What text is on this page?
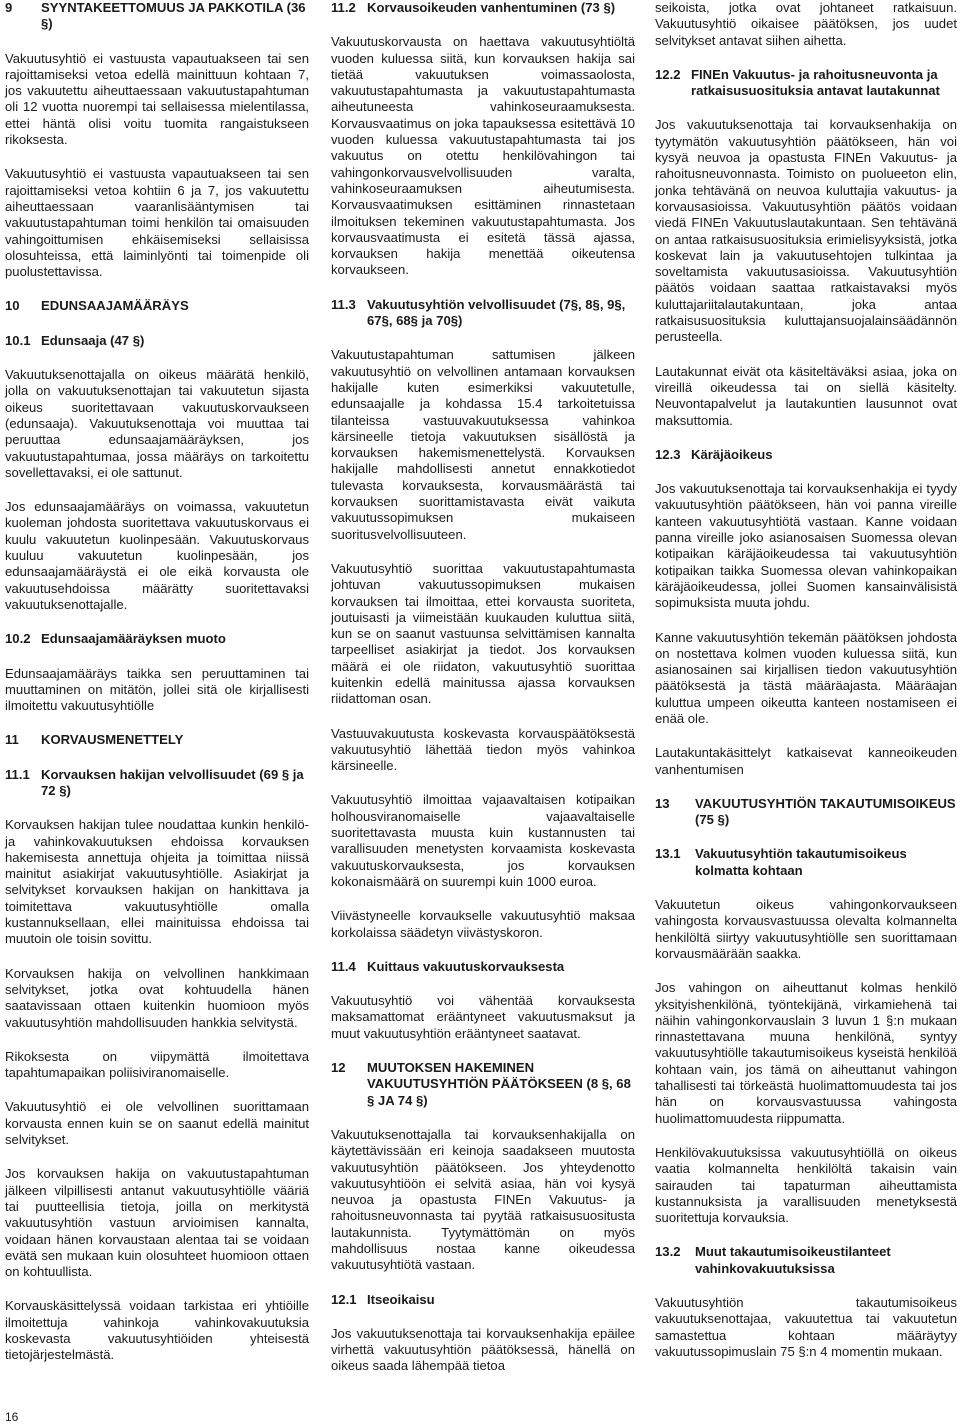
9	SYYNTAKEETTOMUUS JA PAKKOTILA (36 §)

Vakuutusyhtiö ei vastuusta vapautuakseen tai sen rajoittamiseksi vetoa edellä mainittuun kohtaan 7, jos vakuutettu aiheuttaessaan vakuutustapahtuman oli 12 vuotta nuorempi tai sellaisessa mielentilassa, ettei häntä olisi voitu tuomita rangaistukseen rikoksesta.

Vakuutusyhtiö ei vastuusta vapautuakseen tai sen rajoittamiseksi vetoa kohtiin 6 ja 7, jos vakuutettu aiheuttaessaan vaaranlisääntymisen tai vakuutustapahtuman toimi henkilön tai omaisuuden vahingoittumisen ehkäisemiseksi sellaisissa olosuhteissa, että laiminlyönti tai toimenpide oli puolustettavissa.

10	EDUNSAAJAMÄÄRÄYS
10.1 Edunsaaja (47 §)

Vakuutuksenottajalla on oikeus määrätä henkilö, jolla on vakuutuksenottajan tai vakuutetun sijasta oikeus suoritettavaan vakuutuskorvaukseen (edunsaaja). Vakuutuksenottaja voi muuttaa tai peruuttaa edunsaajamääräyksen, jos vakuutustapahtumaa, jossa määräys on tarkoitettu sovellettavaksi, ei ole sattunut.

Jos edunsaajamääräys on voimassa, vakuutetun kuoleman johdosta suoritettava vakuutuskorvaus ei kuulu vakuutetun kuolinpesään. Vakuutuskorvaus kuuluu vakuutetun kuolinpesään, jos edunsaajamääräystä ei ole eikä korvausta ole vakuutusehdoissa määrätty suoritettavaksi vakuutuksenottajalle.

10.2 Edunsaajamääräyksen muoto

Edunsaajamääräys taikka sen peruuttaminen tai muuttaminen on mitätön, jollei sitä ole kirjallisesti ilmoitettu vakuutusyhtiölle

11	KORVAUSMENETTELY
11.1 Korvauksen hakijan velvollisuudet (69 § ja 72 §)

Korvauksen hakijan tulee noudattaa kunkin henkilö- ja vahinkovakuutuksen ehdoissa korvauksen hakemisesta annettuja ohjeita ja toimittaa niissä mainitut asiakirjat vakuutusyhtiölle. Asiakirjat ja selvitykset korvauksen hakijan on hankittava ja toimitettava vakuutusyhtiölle omalla kustannuksellaan, ellei mainituissa ehdoissa tai muutoin ole toisin sovittu.

Korvauksen hakija on velvollinen hankkimaan selvitykset, jotka ovat kohtuudella hänen saatavissaan ottaen kuitenkin huomioon myös vakuutusyhtiön mahdollisuuden hankkia selvitystä.

Rikoksesta on viipymättä ilmoitettava tapahtumapaikan poliisiviranomaiselle.

Vakuutusyhtiö ei ole velvollinen suorittamaan korvausta ennen kuin se on saanut edellä mainitut selvitykset.

Jos korvauksen hakija on vakuutustapahtuman jälkeen vilpillisesti antanut vakuutusyhtiölle vääriä tai puutteellisia tietoja, joilla on merkitystä vakuutusyhtiön vastuun arvioimisen kannalta, voidaan hänen korvaustaan alentaa tai se voidaan evätä sen mukaan kuin olosuhteet huomioon ottaen on kohtuullista.

Korvauskäsittelyssä voidaan tarkistaa eri yhtiöille ilmoitettuja vahinkoja vahinkovakuutuksia koskevasta vakuutusyhtiöiden yhteisestä tietojärjestelmästä.

11.2 Korvausoikeuden vanhentuminen (73 §)

Vakuutuskorvausta on haettava vakuutusyhtiöltä vuoden kuluessa siitä, kun korvauksen hakija sai tietää vakuutuksen voimassaolosta, vakuutustapahtumasta ja vakuutustapahtumasta aiheutuneesta vahinkoseuraamuksesta. Korvausvaatimus on joka tapauksessa esitettävä 10 vuoden kuluessa vakuutustapahtumasta tai jos vakuutus on otettu henkilövahingon tai vahingonkorvausvelvollisuuden varalta, vahinkoseuraamuksen aiheutumisesta. Korvausvaatimuksen esittäminen rinnastetaan ilmoituksen tekeminen vakuutustapahtumasta. Jos korvausvaatimusta ei esitetä tässä ajassa, korvauksen hakija menettää oikeutensa korvaukseen.

11.3 Vakuutusyhtiön velvollisuudet (7§, 8§, 9§, 67§, 68§ ja 70§)

Vakuutustapahtuman sattumisen jälkeen vakuutusyhtiö on velvollinen antamaan korvauksen hakijalle kuten esimerkiksi vakuutetulle, edunsaajalle ja kohdassa 15.4 tarkoitetuissa tilanteissa vastuuvakuutuksessa vahinkoa kärsineelle tietoja vakuutuksen sisällöstä ja korvauksen hakemismenettelystä. Korvauksen hakijalle mahdollisesti annetut ennakkotiedot tulevasta korvauksesta, korvausmäärästä tai korvauksen suorittamistavasta eivät vaikuta vakuutussopimuksen mukaiseen suoritusvelvollisuuteen.

Vakuutusyhtiö suorittaa vakuutustapahtumasta johtuvan vakuutussopimuksen mukaisen korvauksen tai ilmoittaa, ettei korvausta suoriteta, joutuisasti ja viimeistään kuukauden kuluttua siitä, kun se on saanut vastuunsa selvittämisen kannalta tarpeelliset asiakirjat ja tiedot. Jos korvauksen määrä ei ole riidaton, vakuutusyhtiö suorittaa kuitenkin edellä mainitussa ajassa korvauksen riidattoman osan.

Vastuuvakuutusta koskevasta korvauspäätöksestä vakuutusyhtiö lähettää tiedon myös vahinkoa kärsineelle.

Vakuutusyhtiö ilmoittaa vajaavaltaisen kotipaikan holhousviranomaiselle vajaavaltaiselle suoritettavasta muusta kuin kustannusten tai varallisuuden menetysten korvaamista koskevasta vakuutuskorvauksesta, jos korvauksen kokonaismäärä on suurempi kuin 1000 euroa.

Viivästyneelle korvaukselle vakuutusyhtiö maksaa korkolaissa säädetyn viivästyskoron.

11.4 Kuittaus vakuutuskorvauksesta

Vakuutusyhtiö voi vähentää korvauksesta maksamattomat erääntyneet vakuutusmaksut ja muut vakuutusyhtiön erääntyneet saatavat.

12	MUUTOKSEN HAKEMINEN VAKUUTUSYHTIÖN PÄÄTÖKSEEN (8 §, 68 § JA 74 §)

Vakuutuksenottajalla tai korvauksenhakijalla on käytettävissään eri keinoja saadakseen muutosta vakuutusyhtiön päätökseen. Jos yhteydenotto vakuutusyhtiöön ei selvitä asiaa, hän voi kysyä neuvoa ja opastusta FINEn Vakuutus- ja rahoitusneuvonnasta tai pyytää ratkaisusuositusta lautakunnista. Tyytymättömän on myös mahdollisuus nostaa kanne oikeudessa vakuutusyhtiötä vastaan.

12.1 Itseoikaisu

Jos vakuutuksenottaja tai korvauksenhakija epäilee virhettä vakuutusyhtiön päätöksessä, hänellä on oikeus saada lähempää tietoa

seikoista, jotka ovat johtaneet ratkaisuun. Vakuutusyhtiö oikaisee päätöksen, jos uudet selvitykset antavat siihen aihetta.

12.2 FINEn Vakuutus- ja rahoitusneuvonta ja ratkaisusuosituksia antavat lautakunnat

Jos vakuutuksenottaja tai korvauksenhakija on tyytymätön vakuutusyhtiön päätökseen, hän voi kysyä neuvoa ja opastusta FINEn Vakuutus- ja rahoitusneuvonnasta. Toimisto on puolueeton elin, jonka tehtävänä on neuvoa kuluttajia vakuutus- ja korvausasioissa. Vakuutusyhtiön päätös voidaan viedä FINEn Vakuutuslautakuntaan. Sen tehtävänä on antaa ratkaisusuosituksia erimielisyyksistä, jotka koskevat lain ja vakuutusehtojen tulkintaa ja soveltamista vakuutusasioissa. Vakuutusyhtiön päätös voidaan saattaa ratkaistavaksi myös kuluttajariitalautakuntaan, joka antaa ratkaisusuosituksia kuluttajansuojalainsäädännön perusteella.

Lautakunnat eivät ota käsiteltäväksi asiaa, joka on vireillä oikeudessa tai on siellä käsitelty. Neuvontapalvelut ja lautakuntien lausunnot ovat maksuttomia.

12.3 Käräjäoikeus

Jos vakuutuksenottaja tai korvauksenhakija ei tyydy vakuutusyhtiön päätökseen, hän voi panna vireille kanteen vakuutusyhtiötä vastaan. Kanne voidaan panna vireille joko asianosaisen Suomessa olevan kotipaikan käräjäoikeudessa tai vakuutusyhtiön kotipaikan taikka Suomessa olevan vahinkopaikan käräjäoikeudessa, jollei Suomen kansainvälisistä sopimuksista muuta johdu.

Kanne vakuutusyhtiön tekemän päätöksen johdosta on nostettava kolmen vuoden kuluessa siitä, kun asianosainen sai kirjallisen tiedon vakuutusyhtiön päätöksestä ja tästä määräajasta. Määräajan kuluttua umpeen oikeutta kanteen nostamiseen ei enää ole.

Lautakuntakäsittelyt katkaisevat kanneoikeuden vanhentumisen

13	VAKUUTUSYHTIÖN TAKAUTUMISOIKEUS (75 §)
13.1	Vakuutusyhtiön takautumisoikeus kolmatta kohtaan

Vakuutetun oikeus vahingonkorvaukseen vahingosta korvausvastuussa olevalta kolmannelta henkilöltä siirtyy vakuutusyhtiölle sen suorittamaan korvausmäärään saakka.

Jos vahingon on aiheuttanut kolmas henkilö yksityishenkilönä, työntekijänä, virkamiehenä tai näihin vahingonkorvauslain 3 luvun 1 §:n mukaan rinnastettavana muuna henkilönä, syntyy vakuutusyhtiölle takautumisoikeus kyseistä henkilöä kohtaan vain, jos tämä on aiheuttanut vahingon tahallisesti tai törkeästä huolimattomuudesta tai jos hän on korvausvastuussa vahingosta huolimattomuudesta riippumatta.

Henkilövakuutuksissa vakuutusyhtiöllä on oikeus vaatia kolmannelta henkilöltä takaisin vain sairauden tai tapaturman aiheuttamista kustannuksista ja varallisuuden menetyksestä suoritettuja korvauksia.

13.2	Muut takautumisoikeustilanteet vahinkovakuutuksissa

Vakuutusyhtiön takautumisoikeus vakuutuksenottajaa, vakuutettua tai vakuutetun samastettua kohtaan määräytyy vakuutussopimuslain 75 §:n 4 momentin mukaan.

16
